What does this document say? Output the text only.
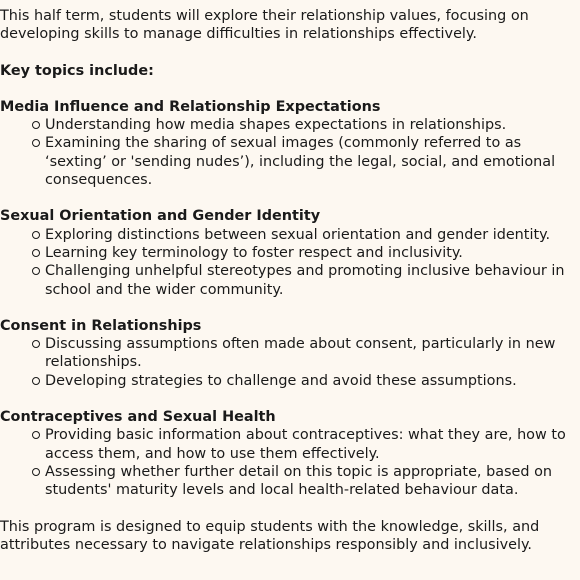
This half term, students will explore their relationship values, focusing on developing skills to manage difficulties in relationships effectively.

Key topics include:

Media Influence and Relationship Expectations

Understanding how media shapes expectations in relationships.
Examining the sharing of sexual images (commonly referred to as ‘sexting’ or 'sending nudes’), including the legal, social, and emotional consequences.

Sexual Orientation and Gender Identity

Exploring distinctions between sexual orientation and gender identity.
Learning key terminology to foster respect and inclusivity.
Challenging unhelpful stereotypes and promoting inclusive behaviour in school and the wider community.

Consent in Relationships

Discussing assumptions often made about consent, particularly in new relationships.
Developing strategies to challenge and avoid these assumptions.

Contraceptives and Sexual Health

Providing basic information about contraceptives: what they are, how to access them, and how to use them effectively.
Assessing whether further detail on this topic is appropriate, based on students' maturity levels and local health-related behaviour data.

This program is designed to equip students with the knowledge, skills, and attributes necessary to navigate relationships responsibly and inclusively.
